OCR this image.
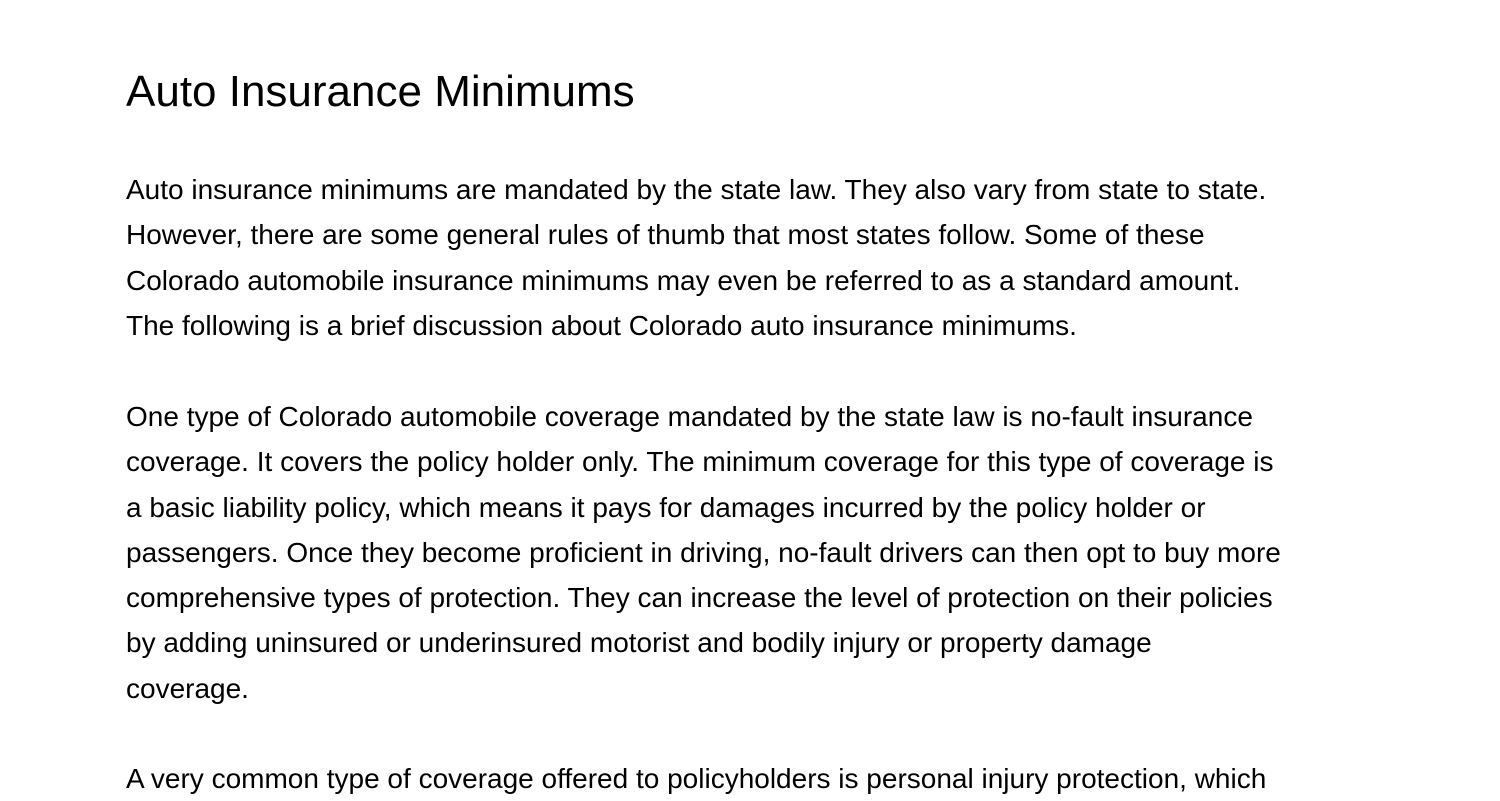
Auto Insurance Minimums
Auto insurance minimums are mandated by the state law. They also vary from state to state.
However, there are some general rules of thumb that most states follow. Some of these
Colorado automobile insurance minimums may even be referred to as a standard amount.
The following is a brief discussion about Colorado auto insurance minimums.
One type of Colorado automobile coverage mandated by the state law is no-fault insurance
coverage. It covers the policy holder only. The minimum coverage for this type of coverage is
a basic liability policy, which means it pays for damages incurred by the policy holder or
passengers. Once they become proficient in driving, no-fault drivers can then opt to buy more
comprehensive types of protection. They can increase the level of protection on their policies
by adding uninsured or underinsured motorist and bodily injury or property damage
coverage.
A very common type of coverage offered to policyholders is personal injury protection, which
